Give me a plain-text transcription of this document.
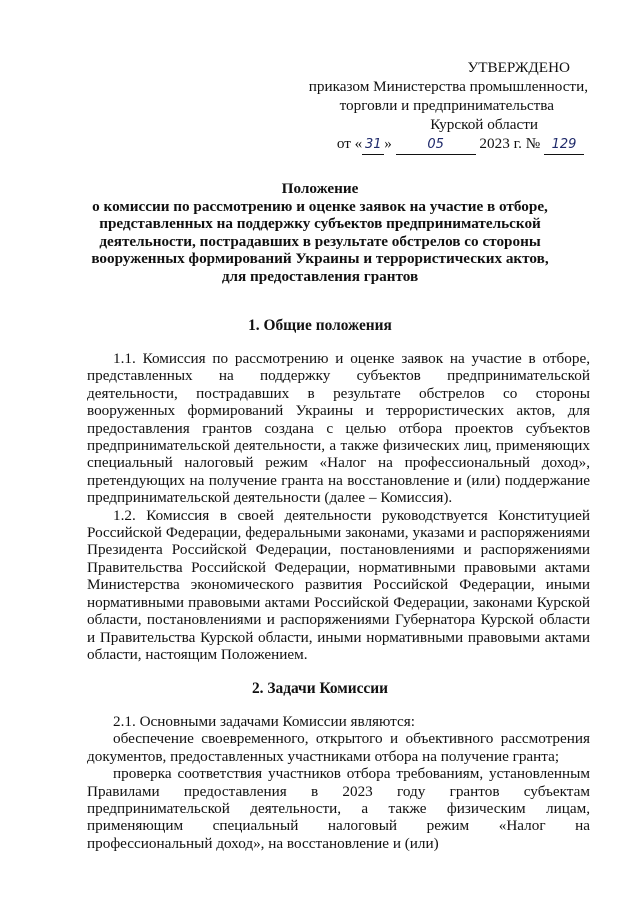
УТВЕРЖДЕНО
приказом Министерства промышленности,
торговли и предпринимательства
Курской области
от « 31 »	05 2023 г. № 129
Положение
о комиссии по рассмотрению и оценке заявок на участие в отборе,
представленных на поддержку субъектов предпринимательской
деятельности, пострадавших в результате обстрелов со стороны
вооруженных формирований Украины и террористических актов,
для предоставления грантов
1. Общие положения

1.1. Комиссия по рассмотрению и оценке заявок на участие в отборе, представленных на поддержку субъектов предпринимательской деятельности, пострадавших в результате обстрелов со стороны вооруженных формирований Украины и террористических актов, для предоставления грантов создана с целью отбора проектов субъектов предпринимательской деятельности, а также физических лиц, применяющих специальный налоговый режим «Налог на профессиональный доход», претендующих на получение гранта на восстановление и (или) поддержание предпринимательской деятельности (далее – Комиссия).

1.2. Комиссия в своей деятельности руководствуется Конституцией Российской Федерации, федеральными законами, указами и распоряжениями Президента Российской Федерации, постановлениями и распоряжениями Правительства Российской Федерации, нормативными правовыми актами Министерства экономического развития Российской Федерации, иными нормативными правовыми актами Российской Федерации, законами Курской области, постановлениями и распоряжениями Губернатора Курской области и Правительства Курской области, иными нормативными правовыми актами области, настоящим Положением.

2. Задачи Комиссии

2.1. Основными задачами Комиссии являются:

обеспечение своевременного, открытого и объективного рассмотрения документов, предоставленных участниками отбора на получение гранта;

проверка соответствия участников отбора требованиям, установленным Правилами предоставления в 2023 году грантов субъектам предпринимательской деятельности, а также физическим лицам, применяющим специальный налоговый режим «Налог на профессиональный доход», на восстановление и (или)
